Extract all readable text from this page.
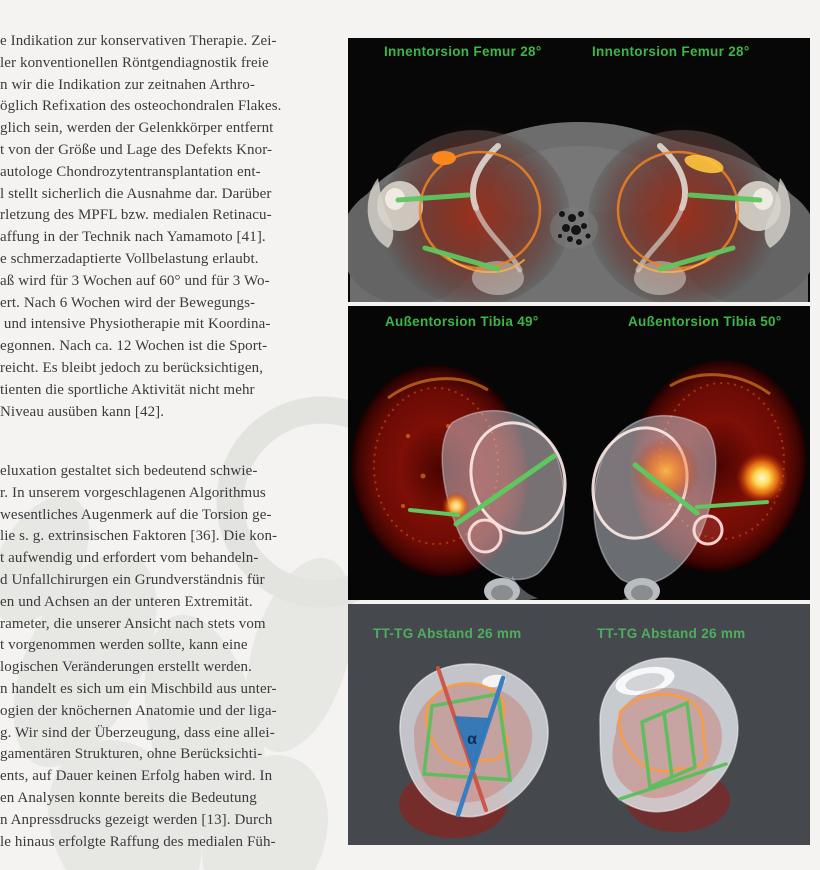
e Indikation zur konservativen Therapie. Zei-
ler konventionellen Röntgendiagnostik freie
n wir die Indikation zur zeitnahen Arthro-
öglich Refixation des osteochondralen Flakes.
glich sein, werden der Gelenkkörper entfernt
t von der Größe und Lage des Defekts Knor-
autologe Chondrozytentransplantation ent-
l stellt sicherlich die Ausnahme dar. Darüber
rletzung des MPFL bzw. medialen Retinacu-
affung in der Technik nach Yamamoto [41].
e schmerzadaptierte Vollbelastung erlaubt.
aß wird für 3 Wochen auf 60° und für 3 Wo-
ert. Nach 6 Wochen wird der Bewegungs-
und intensive Physiotherapie mit Koordina-
egonnen. Nach ca. 12 Wochen ist die Sport-
reicht. Es bleibt jedoch zu berücksichtigen,
tienten die sportliche Aktivität nicht mehr
Niveau ausüben kann [42].
eluxation gestaltet sich bedeutend schwie-
r. In unserem vorgeschlagenen Algorithmus
wesentliches Augenmerk auf die Torsion ge-
lie s. g. extrinsischen Faktoren [36]. Die kon-
t aufwendig und erfordert vom behandeln-
d Unfallchirurgen ein Grundverständnis für
en und Achsen an der unteren Extremität.
rameter, die unserer Ansicht nach stets vom
t vorgenommen werden sollte, kann eine
logischen Veränderungen erstellt werden.
n handelt es sich um ein Mischbild aus unter-
ogien der knöchernen Anatomie und der liga-
g. Wir sind der Überzeugung, dass eine allei-
gamentären Strukturen, ohne Berücksichti-
ents, auf Dauer keinen Erfolg haben wird. In
en Analysen konnte bereits die Bedeutung
n Anpressdrucks gezeigt werden [13]. Durch
le hinaus erfolgte Raffung des medialen Füh-
Innentorsion Femur 28°	Innentorsion Femur 28°
Außentorsion Tibia 49°	Außentorsion Tibia 50°
α
TT-TG Abstand 26 mm	TT-TG Abstand 26 mm
